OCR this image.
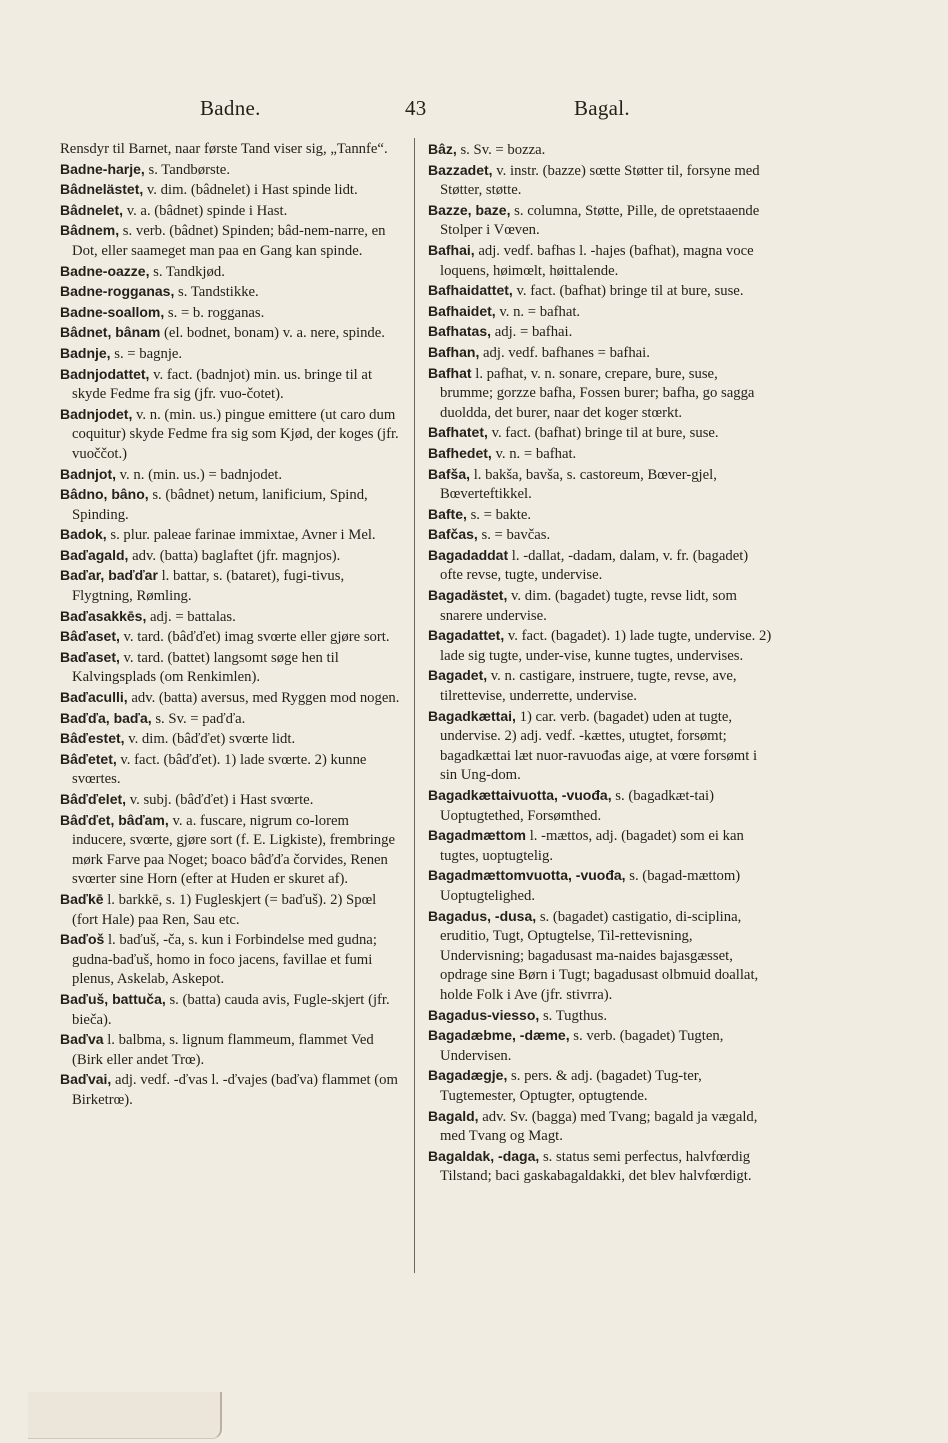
Badne.	43	Bagal.

Rensdyr til Barnet, naar første Tand viser sig, „Tannfe“.

Badne-harje, s. Tandbørste.

Bâdnelästet, v. dim. (bâdnelet) i Hast spinde lidt.

Bâdnelet, v. a. (bâdnet) spinde i Hast.

Bâdnem, s. verb. (bâdnet) Spinden; bâd-nem-narre, en Dot, eller saameget man paa en Gang kan spinde.

Badne-oazze, s. Tandkjød.

Badne-rogganas, s. Tandstikke.

Badne-soallom, s. = b. rogganas.

Bâdnet, bânam (el. bodnet, bonam) v. a. nere, spinde.

Badnje, s. = bagnje.

Badnjodattet, v. fact. (badnjot) min. us. bringe til at skyde Fedme fra sig (jfr. vuo-čotet).

Badnjodet, v. n. (min. us.) pingue emittere (ut caro dum coquitur) skyde Fedme fra sig som Kjød, der koges (jfr. vuoččot.)

Badnjot, v. n. (min. us.) = badnjodet.

Bâdno, bâno, s. (bâdnet) netum, lanificium, Spind, Spinding.

Badok, s. plur. paleae farinae immixtae, Avner i Mel.

Baďagald, adv. (batta) baglaftet (jfr. magnjos).

Baďar, baďďar l. battar, s. (bataret), fugi-tivus, Flygtning, Rømling.

Baďasakkēs, adj. = battalas.

Bâďaset, v. tard. (bâďďet) imag svœrte eller gjøre sort.

Baďaset, v. tard. (battet) langsomt søge hen til Kalvingsplads (om Renkimlen).

Baďaculli, adv. (batta) aversus, med Ryggen mod nogen.

Baďďa, baďa, s. Sv. = paďďa.

Bâďestet, v. dim. (bâďďet) svœrte lidt.

Bâďetet, v. fact. (bâďďet). 1) lade svœrte. 2) kunne svœrtes.

Bâďďelet, v. subj. (bâďďet) i Hast svœrte.

Bâďďet, bâďam, v. a. fuscare, nigrum co-lorem inducere, svœrte, gjøre sort (f. E. Ligkiste), frembringe mørk Farve paa Noget; boaco bâďďa čorvides, Renen svœrter sine Horn (efter at Huden er skuret af).

Baďkē l. barkkē, s. 1) Fugleskjert (= baďuš). 2) Spœl (fort Hale) paa Ren, Sau etc.

Baďoš l. baďuš, -ča, s. kun i Forbindelse med gudna; gudna-baďuš, homo in foco jacens, favillae et fumi plenus, Askelab, Askepot.

Baďuš, battuča, s. (batta) cauda avis, Fugle-skjert (jfr. bieča).

Baďva l. balbma, s. lignum flammeum, flammet Ved (Birk eller andet Trœ).

Baďvai, adj. vedf. -ďvas l. -ďvajes (baďva) flammet (om Birketrœ).

Bâz, s. Sv. = bozza.

Bazzadet, v. instr. (bazze) sœtte Støtter til, forsyne med Støtter, støtte.

Bazze, baze, s. columna, Støtte, Pille, de opretstaaende Stolper i Vœven.

Bafhai, adj. vedf. bafhas l. -hajes (bafhat), magna voce loquens, høimœlt, høittalende.

Bafhaidattet, v. fact. (bafhat) bringe til at bure, suse.

Bafhaidet, v. n. = bafhat.

Bafhatas, adj. = bafhai.

Bafhan, adj. vedf. bafhanes = bafhai.

Bafhat l. pafhat, v. n. sonare, crepare, bure, suse, brumme; gorzze bafha, Fossen burer; bafha, go sagga duoldda, det burer, naar det koger stœrkt.

Bafhatet, v. fact. (bafhat) bringe til at bure, suse.

Bafhedet, v. n. = bafhat.

Bafša, l. bakša, bavša, s. castoreum, Bœver-gjel, Bœverteftikkel.

Bafte, s. = bakte.

Bafčas, s. = bavčas.

Bagadaddat l. -dallat, -dadam, dalam, v. fr. (bagadet) ofte revse, tugte, undervise.

Bagadästet, v. dim. (bagadet) tugte, revse lidt, som snarere undervise.

Bagadattet, v. fact. (bagadet). 1) lade tugte, undervise. 2) lade sig tugte, under-vise, kunne tugtes, undervises.

Bagadet, v. n. castigare, instruere, tugte, revse, ave, tilrettevise, underrette, undervise.

Bagadkættai, 1) car. verb. (bagadet) uden at tugte, undervise. 2) adj. vedf. -kættes, utugtet, forsømt; bagadkættai læt nuor-ravuođas aige, at vœre forsømt i sin Ung-dom.

Bagadkættaivuotta, -vuođa, s. (bagadkæt-tai) Uoptugtethed, Forsømthed.

Bagadmættom l. -mættos, adj. (bagadet) som ei kan tugtes, uoptugtelig.

Bagadmættomvuotta, -vuođa, s. (bagad-mættom) Uoptugtelighed.

Bagadus, -dusa, s. (bagadet) castigatio, di-sciplina, eruditio, Tugt, Optugtelse, Til-rettevisning, Undervisning; bagadusast ma-naides bajasgæsset, opdrage sine Børn i Tugt; bagadusast olbmuid doallat, holde Folk i Ave (jfr. stivrra).

Bagadus-viesso, s. Tugthus.

Bagadæbme, -dæme, s. verb. (bagadet) Tugten, Undervisen.

Bagadægje, s. pers. & adj. (bagadet) Tug-ter, Tugtemester, Optugter, optugtende.

Bagald, adv. Sv. (bagga) med Tvang; bagald ja vægald, med Tvang og Magt.

Bagaldak, -daga, s. status semi perfectus, halvfœrdig Tilstand; baci gaskabagaldakki, det blev halvfœrdigt.
